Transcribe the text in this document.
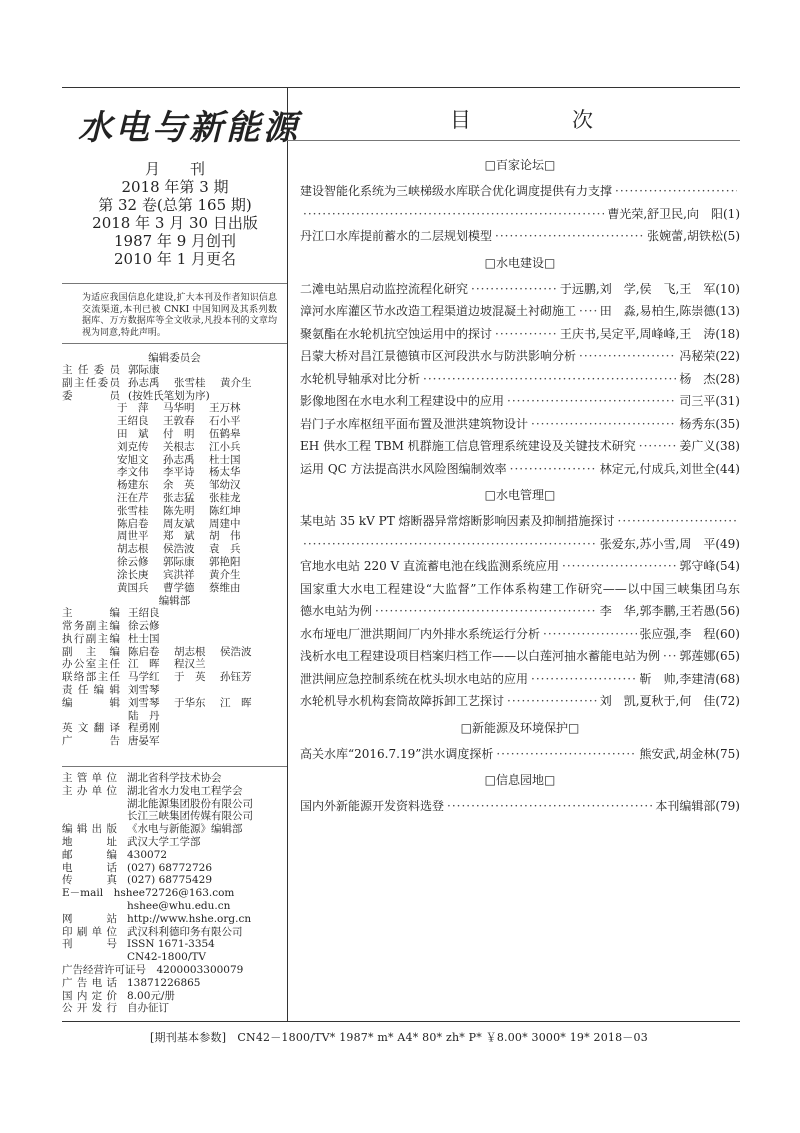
水电与新能源
月　　刊
2018 年第 3 期
第 32 卷(总第 165 期)
2018 年 3 月 30 日出版
1987 年 9 月创刊
2010 年 1 月更名
为适应我国信息化建设,扩大本刊及作者知识信息交流渠道,本刊已被 CNKI 中国知网及其系列数据库、万方数据库等全文收录,凡投本刊的文章均视为同意,特此声明。
编辑委员会
主任委员 郭际康
副主任委员 孙志禹 张雪桂 黄介生
委　员 (按姓氏笔划为序)
于　萍 马华明 王万林
王绍良 王敦春 石小平
田　斌 付　明 伍鹤皋
刘克传 关根志 江小兵
安旭文 孙志禹 杜士国
李文伟 李平诗 杨太华
杨建东 余　英 邹幼汉
汪在芹 张志猛 张桂龙
张雪桂 陈先明 陈红坤
陈启卷 周友斌 周建中
周世平 郑　斌 胡　伟
胡志根 侯浩波 袁　兵
徐云修 郭际康 郭艳阳
涂长庚 宾洪祥 黄介生
黄国兵 曹学德 蔡维由
编辑部
主　　编 王绍良
常务副主编 徐云修
执行副主编 杜士国
副　主　编 陈启卷 胡志根 侯浩波
办公室主任 江　晖 程汉兰
联络部主任 马学红 于　英 孙钰芳
责任编辑 刘雪琴
编　　辑 刘雪琴 于华东 江　晖
陆　丹
英文翻译 程勇刚
广　　告 唐晏军
主管单位 湖北省科学技术协会
主办单位 湖北省水力发电工程学会
湖北能源集团股份有限公司
长江三峡集团传媒有限公司
编辑出版 《水电与新能源》编辑部
地　　址 武汉大学工学部
邮　　编 430072
电　　话 (027) 68772726
传　　真 (027) 68775429
E－mail　hshee72726@163.com
hshee@whu.edu.cn
网　　站 http://www.hshe.org.cn
印刷单位 武汉科利德印务有限公司
刊　　号 ISSN 1671-3354
CN42-1800/TV
广告经营许可证号　4200003300079
广告电话 13871226865
国内定价 8.00元/册
公开发行 自办征订
目　次
□百家论坛□
建设智能化系统为三峡梯级水库联合优化调度提供有力支撑
·····
·····
曹光荣,舒卫民,向　阳 (1)
丹江口水库提前蓄水的二层规划模型 ·····	张婉蕾,胡铁松 (5)
□水电建设□
二滩电站黑启动监控流程化研究 ·····	于远鹏,刘　学,侯　飞,王　军 (10)
漳河水库灌区节水改造工程渠道边坡混凝土衬砌施工 ····· 田　淼,易柏生,陈崇德 (13)
聚氨酯在水轮机抗空蚀运用中的探讨 ·····	王庆书,吴定平,周峰峰,王　涛 (18)
吕蒙大桥对昌江景德镇市区河段洪水与防洪影响分析 ·····	冯秘荣 (22)
水轮机导轴承对比分析 ·····	杨　杰 (28)
影像地图在水电水利工程建设中的应用 ·····	司三平 (31)
岩门子水库枢纽平面布置及泄洪建筑物设计 ·····	杨秀东 (35)
EH 供水工程 TBM 机群施工信息管理系统建设及关键技术研究 ·····	姜广义 (38)
运用 QC 方法提高洪水风险图编制效率 ·····	林定元,付成兵,刘世全 (44)
□水电管理□
某电站 35 kV PT 熔断器异常熔断影响因素及抑制措施探讨
·····
·····
张爱东,苏小雪,周　平 (49)
官地水电站 220 V 直流蓄电池在线监测系统应用 ·····	郭守峰 (54)
国家重大水电工程建设“大监督”工作体系构建工作研究——以中国三峡集团乌东
德水电站为例 ·····	李　华,郭李鹏,王若愚 (56)
水布垭电厂泄洪期间厂内外排水系统运行分析 ·····	张应强,李　程 (60)
浅析水电工程建设项目档案归档工作——以白莲河抽水蓄能电站为例 ····· 郭莲娜 (65)
泄洪闸应急控制系统在枕头坝水电站的应用 ·····	靳　帅,李建清 (68)
水轮机导水机构套筒故障拆卸工艺探讨 ·····	刘　凯,夏秋于,何　佳 (72)
□新能源及环境保护□
高关水库“2016.7.19”洪水调度探析 ·····	熊安武,胡金林 (75)
□信息园地□
国内外新能源开发资料选登 ·····	本刊编辑部 (79)
[期刊基本参数]　CN42－1800/TV* 1987* m* A4* 80* zh* P* ￥8.00* 3000* 19* 2018－03
